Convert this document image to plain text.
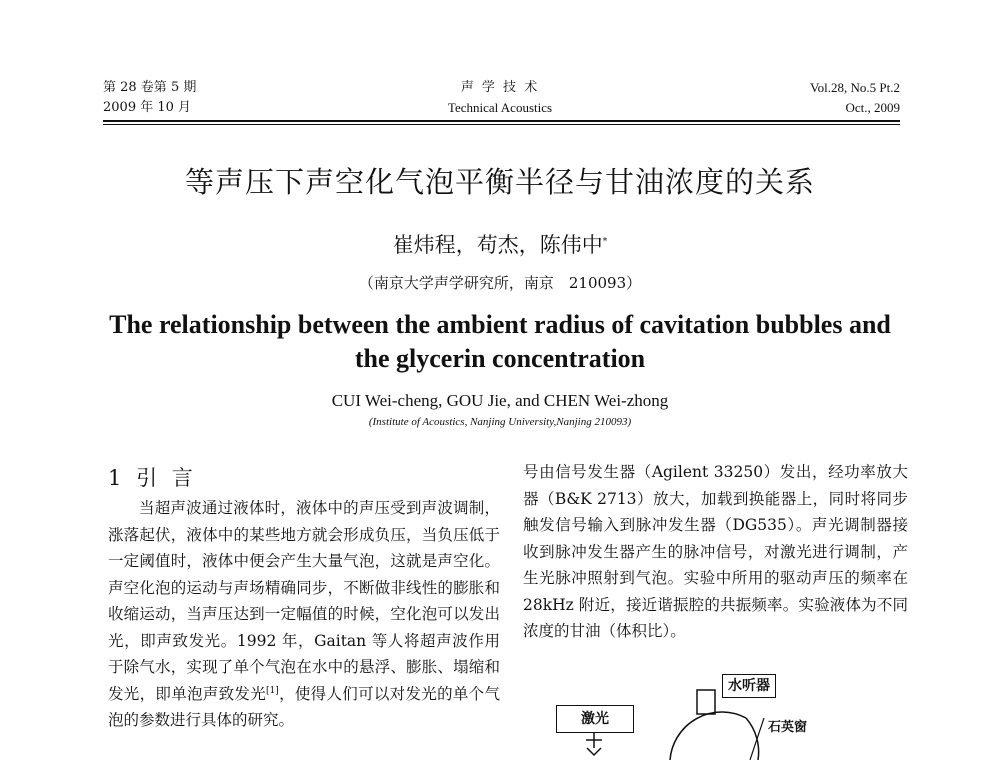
第 28 卷第 5 期
2009 年 10 月
声 学 技 术
Technical Acoustics
Vol.28, No.5 Pt.2
Oct., 2009
等声压下声空化气泡平衡半径与甘油浓度的关系
崔炜程，苟杰，陈伟中*
（南京大学声学研究所，南京　210093）
The relationship between the ambient radius of cavitation bubbles and
the glycerin concentration
CUI Wei-cheng, GOU Jie, and CHEN Wei-zhong
(Institute of Acoustics, Nanjing University,Nanjing 210093)
1 引 言
当超声波通过液体时，液体中的声压受到声波调制，涨落起伏，液体中的某些地方就会形成负压，当负压低于一定阈值时，液体中便会产生大量气泡，这就是声空化。声空化泡的运动与声场精确同步，不断做非线性的膨胀和收缩运动，当声压达到一定幅值的时候，空化泡可以发出光，即声致发光。1992 年，Gaitan 等人将超声波作用于除气水，实现了单个气泡在水中的悬浮、膨胀、塌缩和发光，即单泡声致发光[1]，使得人们可以对发光的单个气泡的参数进行具体的研究。
号由信号发生器（Agilent 33250）发出，经功率放大器（B&K 2713）放大，加载到换能器上，同时将同步触发信号输入到脉冲发生器（DG535）。声光调制器接收到脉冲发生器产生的脉冲信号，对激光进行调制，产生光脉冲照射到气泡。实验中所用的驱动声压的频率在 28kHz 附近，接近谐振腔的共振频率。实验液体为不同浓度的甘油（体积比）。
水听器
激光
石英窗
